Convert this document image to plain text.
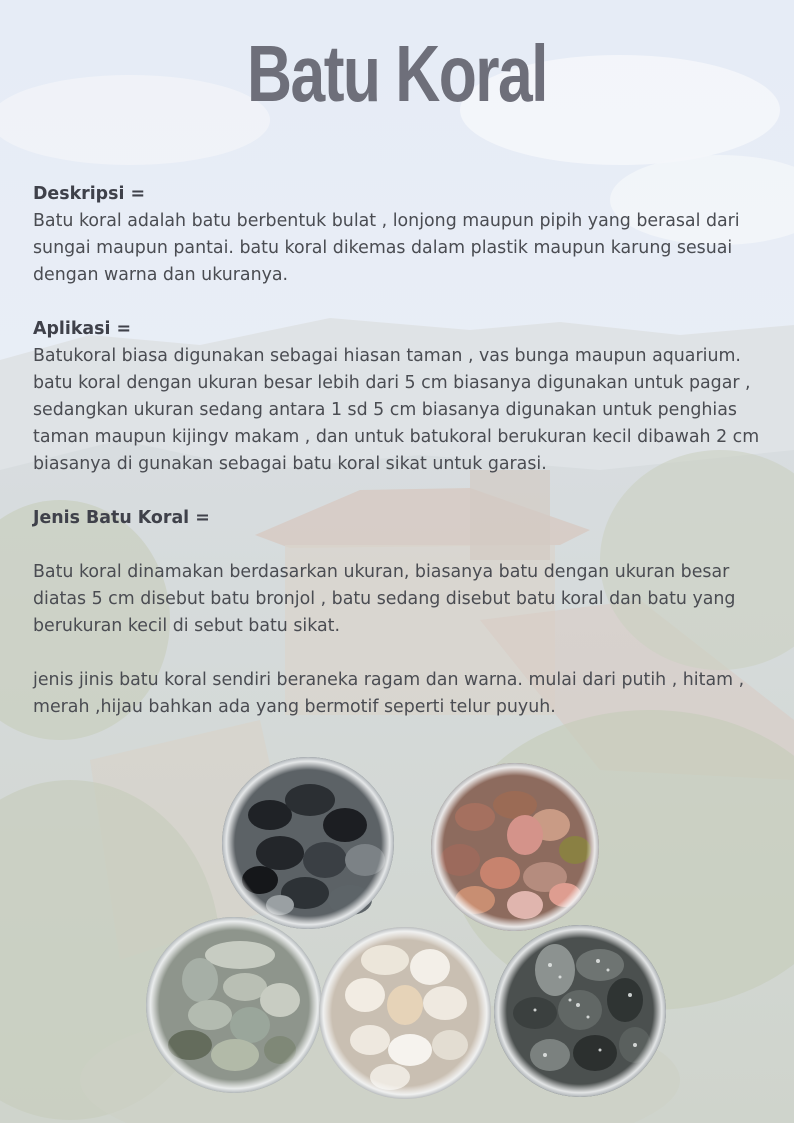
Batu Koral
Deskripsi =

Batu koral adalah batu berbentuk bulat , lonjong maupun pipih yang berasal dari sungai maupun pantai. batu koral dikemas dalam plastik maupun karung sesuai dengan warna dan ukuranya.

Aplikasi =

Batukoral biasa digunakan sebagai hiasan taman , vas bunga maupun aquarium. batu koral dengan ukuran besar lebih dari 5 cm biasanya digunakan untuk pagar , sedangkan ukuran sedang antara 1 sd 5 cm biasanya digunakan untuk penghias taman maupun kijingv makam , dan untuk batukoral berukuran kecil dibawah 2 cm biasanya di gunakan sebagai batu koral sikat untuk garasi.

Jenis Batu Koral =

Batu koral dinamakan berdasarkan ukuran, biasanya batu dengan ukuran besar diatas 5 cm disebut batu bronjol , batu sedang disebut batu koral dan batu yang berukuran kecil di sebut batu sikat.

jenis jinis batu koral sendiri beraneka ragam dan warna. mulai dari putih , hitam , merah ,hijau bahkan ada yang bermotif seperti telur puyuh.
